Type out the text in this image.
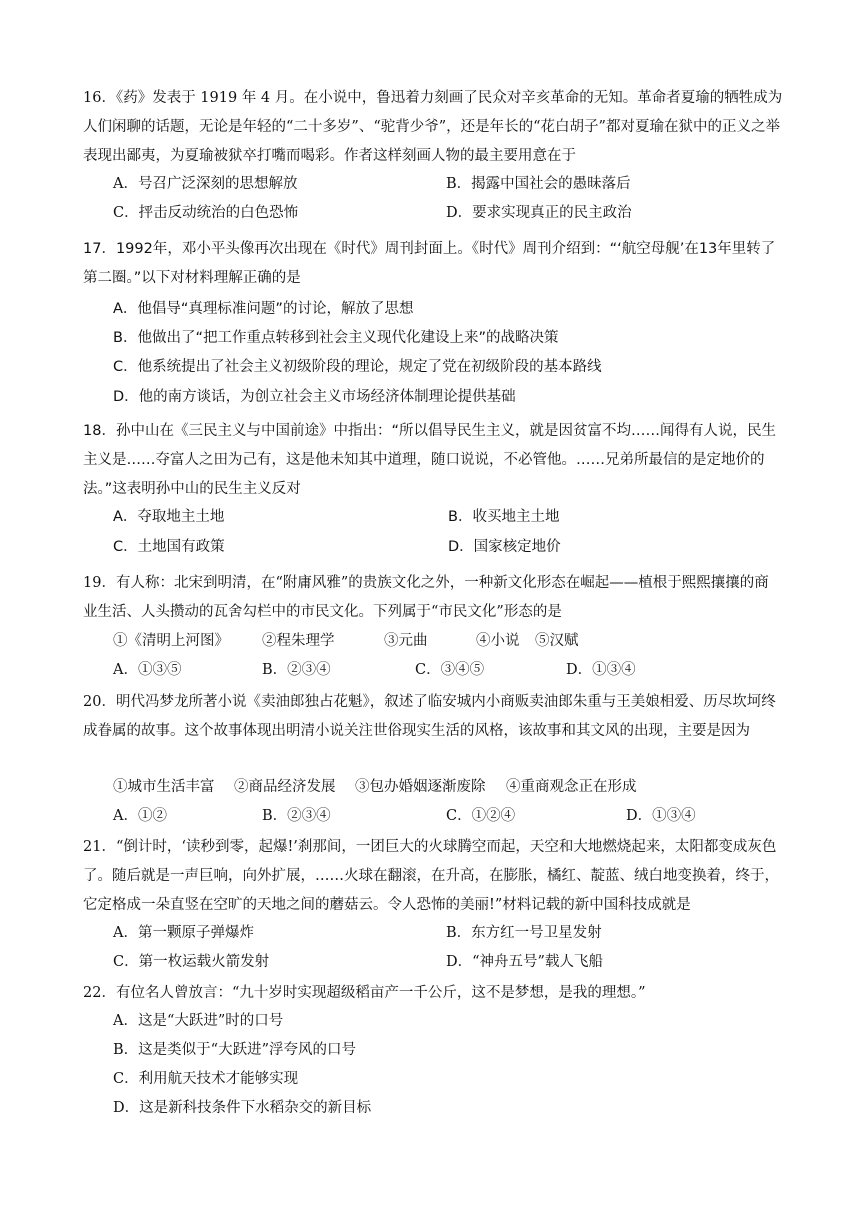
16．《药》发表于 1919 年 4 月。在小说中，鲁迅着力刻画了民众对辛亥革命的无知。革命者夏瑜的牺牲成为人们闲聊的话题，无论是年轻的“二十多岁”、“驼背少爷”，还是年长的“花白胡子”都对夏瑜在狱中的正义之举表现出鄙夷，为夏瑜被狱卒打嘴而喝彩。作者这样刻画人物的最主要用意在于
A．号召广泛深刻的思想解放	B．揭露中国社会的愚昧落后
C．抨击反动统治的白色恐怖	D．要求实现真正的民主政治
17．1992年，邓小平头像再次出现在《时代》周刊封面上。《时代》周刊介绍到：“‘航空母舰’在13年里转了第二圈。”以下对材料理解正确的是
A．他倡导“真理标准问题”的讨论，解放了思想
B．他做出了“把工作重点转移到社会主义现代化建设上来”的战略决策
C．他系统提出了社会主义初级阶段的理论，规定了党在初级阶段的基本路线
D．他的南方谈话，为创立社会主义市场经济体制理论提供基础
18．孙中山在《三民主义与中国前途》中指出：“所以倡导民生主义，就是因贫富不均……闻得有人说，民生主义是……夺富人之田为己有，这是他未知其中道理，随口说说，不必管他。……兄弟所最信的是定地价的法。”这表明孙中山的民生主义反对
A．夺取地主土地	B．收买地主土地
C．土地国有政策	D．国家核定地价
19．有人称：北宋到明清，在“附庸风雅”的贵族文化之外，一种新文化形态在崛起——植根于熙熙攘攘的商业生活、人头攒动的瓦舍勾栏中的市民文化。下列属于“市民文化”形态的是
①《清明上河图》 ②程朱理学	③元曲	④小说 ⑤汉赋
A．①③⑤	B．②③④	C．③④⑤	D．①③④
20．明代冯梦龙所著小说《卖油郎独占花魁》，叙述了临安城内小商贩卖油郎朱重与王美娘相爱、历尽坎坷终成眷属的故事。这个故事体现出明清小说关注世俗现实生活的风格，该故事和其文风的出现，主要是因为
①城市生活丰富 ②商品经济发展 ③包办婚姻逐渐废除 ④重商观念正在形成
A．①②	B．②③④	C．①②④	D．①③④
21．“倒计时，‘读秒到零，起爆!’刹那间，一团巨大的火球腾空而起，天空和大地燃烧起来，太阳都变成灰色了。随后就是一声巨响，向外扩展，……火球在翻滚，在升高，在膨胀，橘红、靛蓝、绒白地变换着，终于，它定格成一朵直竖在空旷的天地之间的蘑菇云。令人恐怖的美丽!”材料记载的新中国科技成就是
A．第一颗原子弹爆炸	B．东方红一号卫星发射
C．第一枚运载火箭发射	D．“神舟五号”载人飞船
22．有位名人曾放言：“九十岁时实现超级稻亩产一千公斤，这不是梦想，是我的理想。”
A．这是“大跃进”时的口号
B．这是类似于“大跃进”浮夸风的口号
C．利用航天技术才能够实现
D．这是新科技条件下水稻杂交的新目标
